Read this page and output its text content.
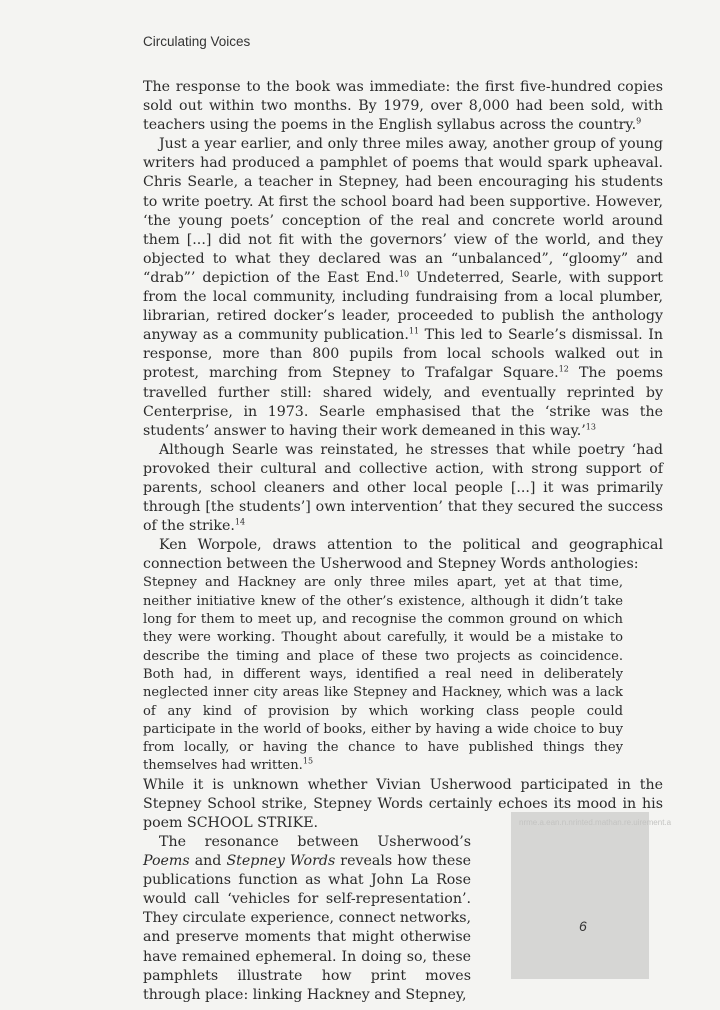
Circulating Voices

The response to the book was immediate: the first five-hundred copies sold out within two months. By 1979, over 8,000 had been sold, with teachers using the poems in the English syllabus across the country.$^9$

Just a year earlier, and only three miles away, another group of young writers had produced a pamphlet of poems that would spark upheaval. Chris Searle, a teacher in Stepney, had been encouraging his students to write poetry. At first the school board had been supportive. However, ‘the young poets’ conception of the real and concrete world around them [...] did not fit with the governors’ view of the world, and they objected to what they declared was an “unbalanced”, “gloomy” and “drab”’ depiction of the East End.$^{10}$ Undeterred, Searle, with support from the local community, including fundraising from a local plumber, librarian, retired docker’s leader, proceeded to publish the anthology anyway as a community publication.$^{11}$ This led to Searle’s dismissal. In response, more than 800 pupils from local schools walked out in protest, marching from Stepney to Trafalgar Square.$^{12}$ The poems travelled further still: shared widely, and eventually reprinted by Centerprise, in 1973. Searle emphasised that the ‘strike was the students’ answer to having their work demeaned in this way.’$^{13}$

Although Searle was reinstated, he stresses that while poetry ‘had provoked their cultural and collective action, with strong support of parents, school cleaners and other local people [...] it was primarily through [the students’] own intervention’ that they secured the success of the strike.$^{14}$

Ken Worpole, draws attention to the political and geographical connection between the Usherwood and Stepney Words anthologies:

Stepney and Hackney are only three miles apart, yet at that time, neither initiative knew of the other’s existence, although it didn’t take long for them to meet up, and recognise the common ground on which they were working. Thought about carefully, it would be a mistake to describe the timing and place of these two projects as coincidence. Both had, in different ways, identified a real need in deliberately neglected inner city areas like Stepney and Hackney, which was a lack of any kind of provision by which working class people could participate in the world of books, either by having a wide choice to buy from locally, or having the chance to have published things they themselves had written.$^{15}$

While it is unknown whether Vivian Usherwood participated in the Stepney School strike, Stepney Words certainly echoes its mood in his poem SCHOOL STRIKE.

The resonance between Usherwood’s Poems and Stepney Words reveals how these publications function as what John La Rose would call ‘vehicles for self-representation’. They circulate experience, connect networks, and preserve moments that might otherwise have remained ephemeral. In doing so, these pamphlets illustrate how print moves through place: linking Hackney and Stepney,

nrme.a.ean.n.nrinted.mathan.re.uirement.a
6
